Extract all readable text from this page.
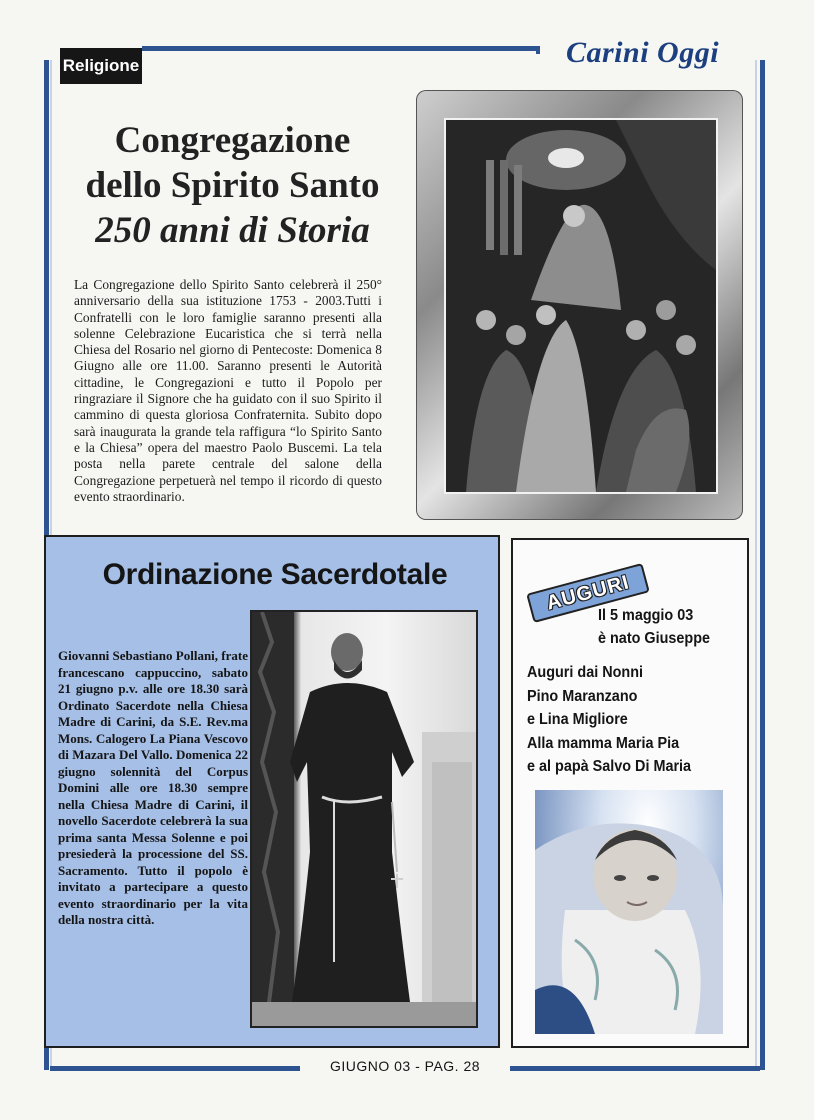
Religione	Carini Oggi
Congregazione
dello Spirito Santo
250 anni di Storia
La Congregazione dello Spirito Santo celebrerà il 250° anniversario della sua istituzione 1753 - 2003.Tutti i Confratelli con le loro famiglie saranno presenti alla solenne Celebrazione Eucaristica che si terrà nella Chiesa del Rosario nel giorno di Pentecoste: Domenica 8 Giugno alle ore 11.00. Saranno presenti le Autorità cittadine, le Congregazioni e tutto il Popolo per ringraziare il Signore che ha guidato con il suo Spirito il cammino di questa gloriosa Confraternita. Subito dopo sarà inaugurata la grande tela raffigura “lo Spirito Santo e la Chiesa” opera del maestro Paolo Buscemi. La tela posta nella parete centrale del salone della Congregazione perpetuerà nel tempo il ricordo di questo evento straordinario.
Ordinazione Sacerdotale
Giovanni Sebastiano Pollani, frate francescano cappuccino, sabato 21 giugno p.v. alle ore 18.30 sarà Ordinato Sacerdote nella Chiesa Madre di Carini, da S.E. Rev.ma Mons. Calogero La Piana Vescovo di Mazara Del Vallo. Domenica 22 giugno solennità del Corpus Domini alle ore 18.30 sempre nella Chiesa Madre di Carini, il novello Sacerdote celebrerà la sua prima santa Messa Solenne e poi presiederà la processione del SS. Sacramento. Tutto il popolo è invitato a partecipare a questo evento straordinario per la vita della nostra città.
AUGURI
Il 5 maggio 03
è nato Giuseppe
Auguri dai Nonni
Pino Maranzano
e Lina Migliore
Alla mamma Maria Pia
e al papà Salvo Di Maria
GIUGNO 03 - PAG. 28
